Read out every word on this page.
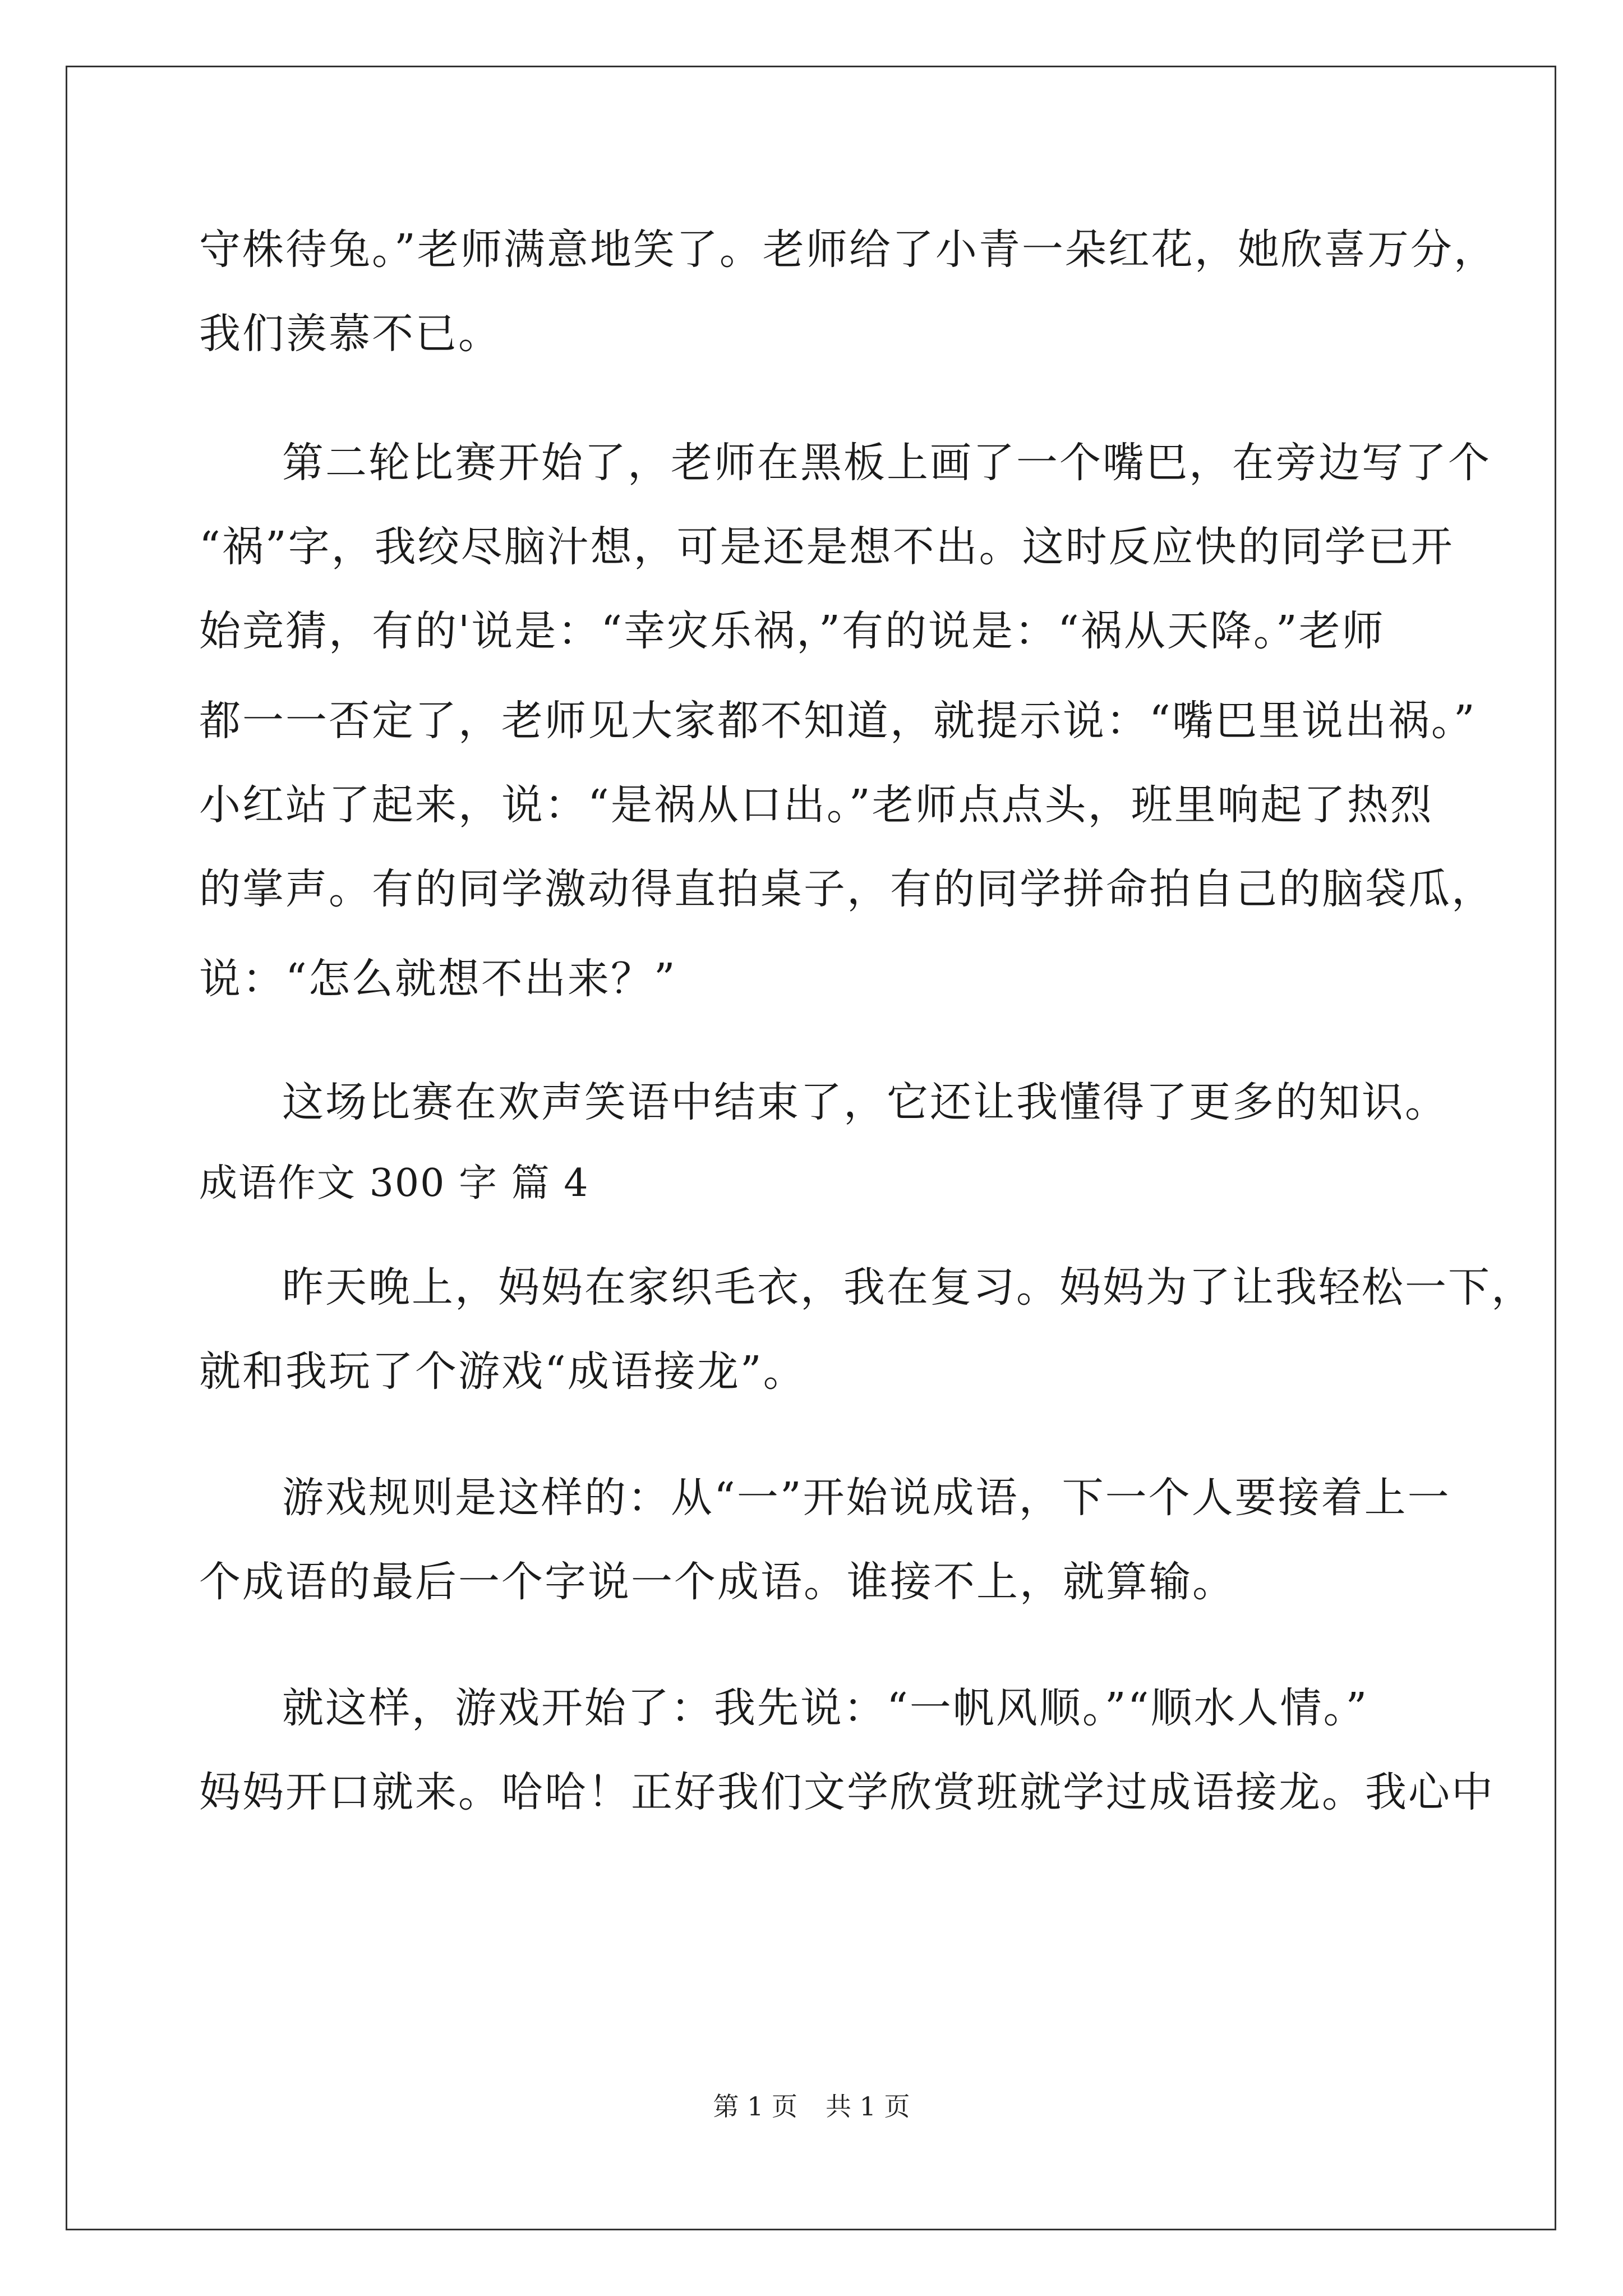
守株待兔。”老师满意地笑了。老师给了小青一朵红花，她欣喜万分，
我们羡慕不已。
第二轮比赛开始了，老师在黑板上画了一个嘴巴，在旁边写了个
“祸”字，我绞尽脑汁想，可是还是想不出。这时反应快的同学已开
始竞猜，有的'说是：“幸灾乐祸，”有的说是：“祸从天降。”老师
都一一否定了，老师见大家都不知道，就提示说：“嘴巴里说出祸。”
小红站了起来，说：“是祸从口出。”老师点点头，班里响起了热烈
的掌声。有的同学激动得直拍桌子，有的同学拼命拍自己的脑袋瓜，
说：“怎么就想不出来？”
这场比赛在欢声笑语中结束了，它还让我懂得了更多的知识。
成语作文 300 字 篇 4
昨天晚上，妈妈在家织毛衣，我在复习。妈妈为了让我轻松一下，
就和我玩了个游戏“成语接龙”。
游戏规则是这样的：从“一”开始说成语，下一个人要接着上一
个成语的最后一个字说一个成语。谁接不上，就算输。
就这样，游戏开始了：我先说：“一帆风顺。”“顺水人情。”
妈妈开口就来。哈哈！正好我们文学欣赏班就学过成语接龙。我心中
第 1 页 共 1 页
